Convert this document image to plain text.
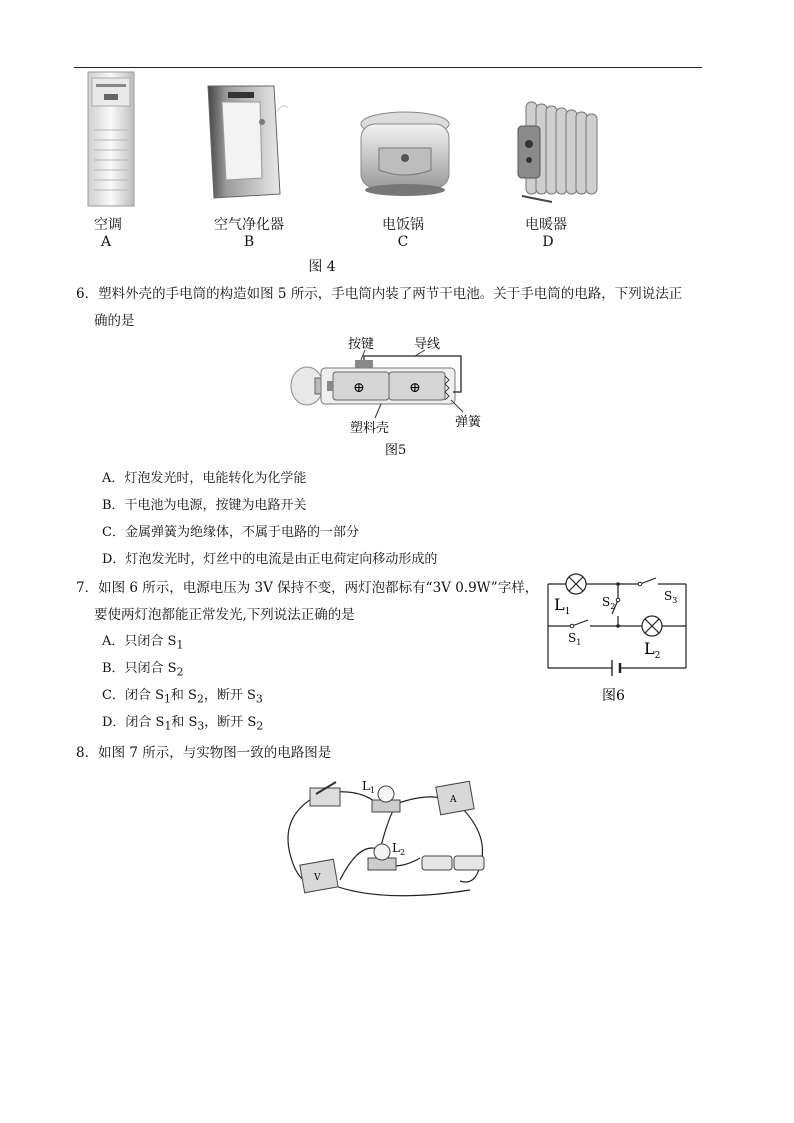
空调
A
空气净化器
B
电饭锅
C
电暖器
D
图 4
6．塑料外壳的手电筒的构造如图 5 所示，手电筒内装了两节干电池。关于手电筒的电路，下列说法正
确的是
按键	导线
塑料壳	弹簧
⊕	⊕
图5
A．灯泡发光时，电能转化为化学能
B．干电池为电源，按键为电路开关
C．金属弹簧为绝缘体，不属于电路的一部分
D．灯泡发光时，灯丝中的电流是由正电荷定向移动形成的
7．如图 6 所示，电源电压为 3V 保持不变，两灯泡都标有“3V 0.9W”字样，
要使两灯泡都能正常发光,下列说法正确的是
A．只闭合 $S_1$
B．只闭合 $S_2$
C．闭合 $S_1$和 $S_2$，断开 $S_3$
D．闭合 $S_1$和 $S_3$，断开 $S_2$
$L_1$
$S_2$
$S_3$
$S_1$	$L_2$
图6
8．如图 7 所示，与实物图一致的电路图是
$L_1$
$L_2$
A
V
